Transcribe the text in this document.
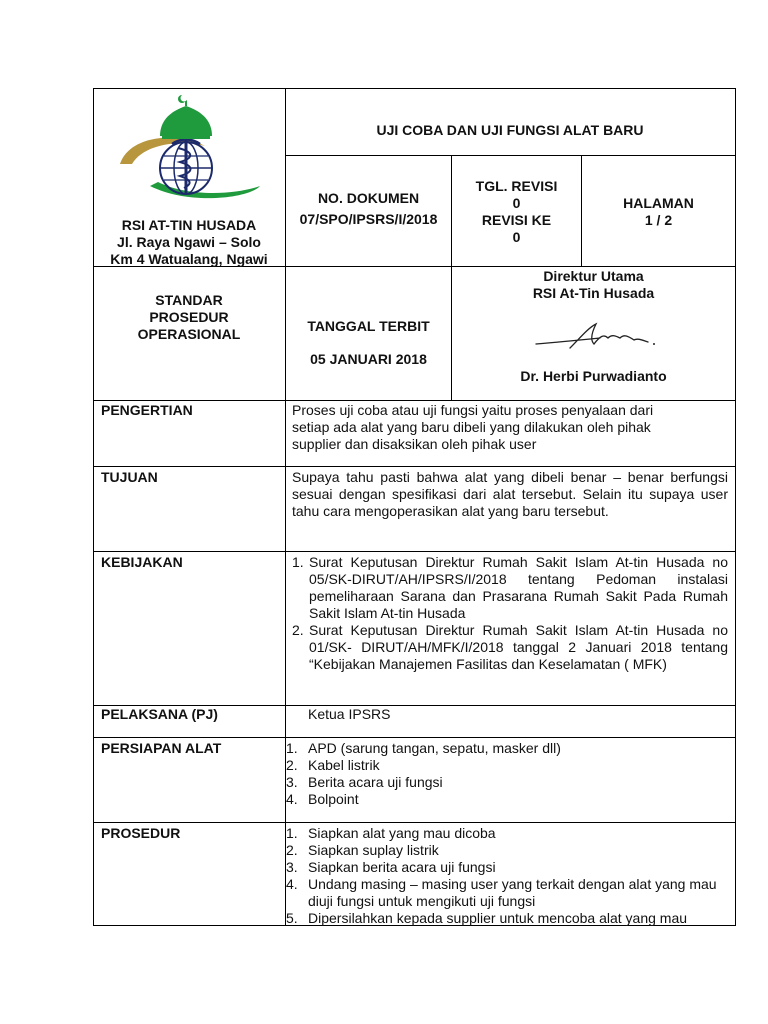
UJI COBA DAN UJI FUNGSI ALAT BARU
RSI AT-TIN HUSADA
Jl. Raya Ngawi – Solo
Km 4 Watualang, Ngawi
NO. DOKUMEN
07/SPO/IPSRS/I/2018
TGL. REVISI
0
REVISI KE
0
HALAMAN
1 / 2
STANDAR
PROSEDUR
OPERASIONAL	TANGGAL TERBIT
05 JANUARI 2018
Direktur Utama
RSI At-Tin Husada
Dr. Herbi Purwadianto
PENGERTIAN
TUJUAN
KEBIJAKAN
PELAKSANA (PJ)
PERSIAPAN ALAT
PROSEDUR
Proses uji coba atau uji fungsi yaitu proses penyalaan dari
setiap ada alat yang baru dibeli yang dilakukan oleh pihak
supplier dan disaksikan oleh pihak user
Supaya tahu pasti bahwa alat yang dibeli benar – benar berfungsi sesuai dengan spesifikasi dari alat tersebut. Selain itu supaya user tahu cara mengoperasikan alat yang baru tersebut.
1. Surat Keputusan Direktur Rumah Sakit Islam At-tin Husada no 05/SK-DIRUT/AH/IPSRS/I/2018 tentang Pedoman instalasi pemeliharaan Sarana dan Prasarana Rumah Sakit Pada Rumah Sakit Islam At-tin Husada
2. Surat Keputusan Direktur Rumah Sakit Islam At-tin Husada no 01/SK- DIRUT/AH/MFK/I/2018 tanggal 2 Januari 2018 tentang “Kebijakan Manajemen Fasilitas dan Keselamatan ( MFK)
Ketua IPSRS
1. APD (sarung tangan, sepatu, masker dll)
2. Kabel listrik
3. Berita acara uji fungsi
4. Bolpoint
1. Siapkan alat yang mau dicoba
2. Siapkan suplay listrik
3. Siapkan berita acara uji fungsi
4. Undang masing – masing user yang terkait dengan alat yang mau diuji fungsi untuk mengikuti uji fungsi
5. Dipersilahkan kepada supplier untuk mencoba alat yang mau
